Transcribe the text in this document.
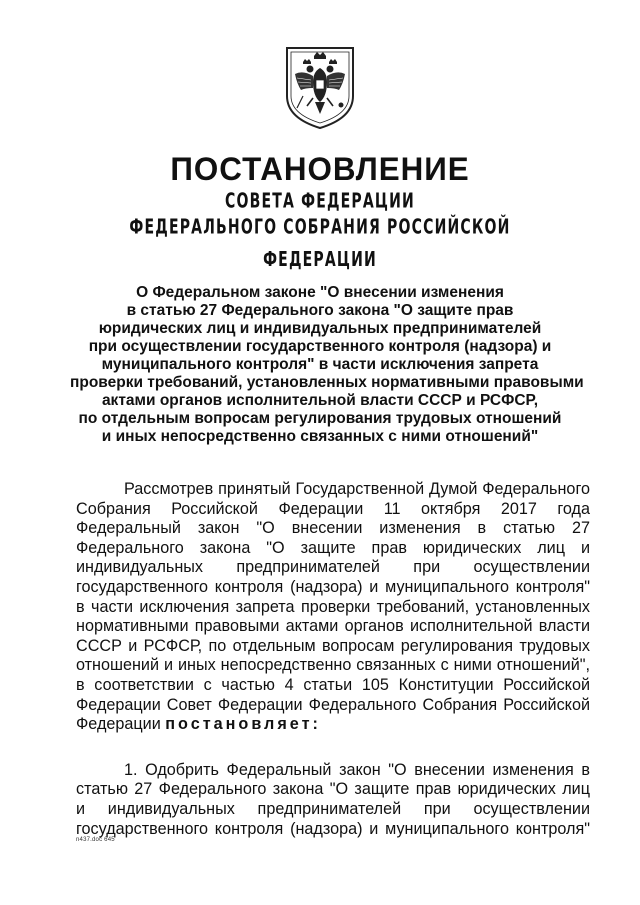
ПОСТАНОВЛЕНИЕ
СОВЕТА ФЕДЕРАЦИИ
ФЕДЕРАЛЬНОГО СОБРАНИЯ РОССИЙСКОЙ ФЕДЕРАЦИИ
О Федеральном законе "О внесении изменения
в статью 27 Федерального закона "О защите прав
юридических лиц и индивидуальных предпринимателей
при осуществлении государственного контроля (надзора) и
муниципального контроля" в части исключения запрета
проверки требований, установленных нормативными правовыми
актами органов исполнительной власти СССР и РСФСР,
по отдельным вопросам регулирования трудовых отношений
и иных непосредственно связанных с ними отношений"
Рассмотрев принятый Государственной Думой Федерального
Собрания Российской Федерации 11 октября 2017 года
Федеральный закон "О внесении изменения в статью 27
Федерального закона "О защите прав юридических лиц и
индивидуальных предпринимателей при осуществлении
государственного контроля (надзора) и муниципального контроля"
в части исключения запрета проверки требований, установленных
нормативными правовыми актами органов исполнительной власти
СССР и РСФСР, по отдельным вопросам регулирования трудовых
отношений и иных непосредственно связанных с ними отношений",
в соответствии с частью 4 статьи 105 Конституции Российской
Федерации Совет Федерации Федерального Собрания Российской
Федерации постановляет:
1. Одобрить Федеральный закон "О внесении изменения в
статью 27 Федерального закона "О защите прав юридических лиц
и индивидуальных предпринимателей при осуществлении
государственного контроля (надзора) и муниципального контроля"
n437.doc 645
